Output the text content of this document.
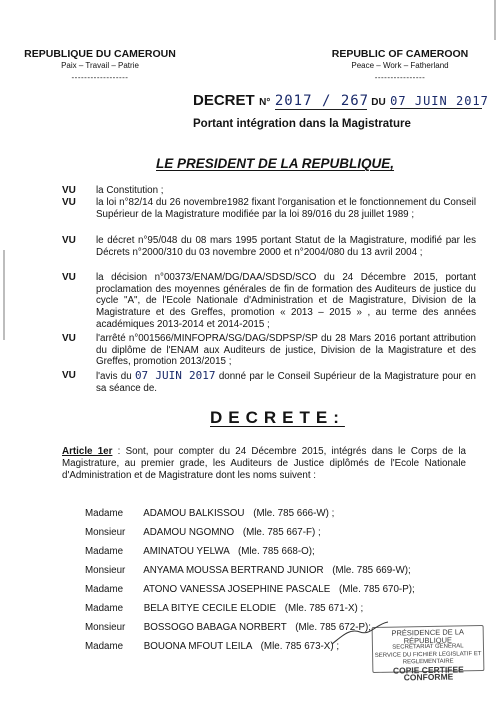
REPUBLIQUE DU CAMEROUN
Paix – Travail – Patrie
------------------
REPUBLIC OF CAMEROON
Peace – Work – Fatherland
----------------
DECRET N° 2017 / 267 DU 07 JUIN 2017
Portant intégration dans la Magistrature
LE PRESIDENT DE LA REPUBLIQUE,
VU	la Constitution ;
VU	la loi n°82/14 du 26 novembre1982 fixant l'organisation et le fonctionnement du Conseil Supérieur de la Magistrature modifiée par la loi 89/016 du 28 juillet 1989 ;
VU	le décret n°95/048 du 08 mars 1995 portant Statut de la Magistrature, modifié par les Décrets n°2000/310 du 03 novembre 2000 et n°2004/080 du 13 avril 2004 ;
VU	la décision n°00373/ENAM/DG/DAA/SDSD/SCO du 24 Décembre 2015, portant proclamation des moyennes générales de fin de formation des Auditeurs de justice du cycle "A", de l'Ecole Nationale d'Administration et de Magistrature, Division de la Magistrature et des Greffes, promotion « 2013 – 2015 » , au terme des années académiques 2013-2014 et 2014-2015 ;
VU	l'arrêté n°001566/MINFOPRA/SG/DAG/SDPSP/SP du 28 Mars 2016 portant attribution du diplôme de l'ENAM aux Auditeurs de justice, Division de la Magistrature et des Greffes, promotion 2013/2015 ;
VU	l'avis du 07 JUIN 2017 donné par le Conseil Supérieur de la Magistrature pour en sa séance de.
DECRETE:
Article 1er : Sont, pour compter du 24 Décembre 2015, intégrés dans le Corps de la Magistrature, au premier grade, les Auditeurs de Justice diplômés de l'Ecole Nationale d'Administration et de Magistrature dont les noms suivent :
Madame ADAMOU BALKISSOU (Mle. 785 666-W) ;
Monsieur ADAMOU NGOMNO (Mle. 785 667-F) ;
Madame AMINATOU YELWA (Mle. 785 668-O);
Monsieur ANYAMA MOUSSA BERTRAND JUNIOR (Mle. 785 669-W);
Madame ATONO VANESSA JOSEPHINE PASCALE (Mle. 785 670-P);
Madame BELA BITYE CECILE ELODIE (Mle. 785 671-X) ;
Monsieur BOSSOGO BABAGA NORBERT (Mle. 785 672-P);
Madame BOUONA MFOUT LEILA (Mle. 785 673-X) ;
PRÉSIDENCE DE LA RÉPUBLIQUE
SECRETARIAT GENERAL
SERVICE DU FICHIER LEGISLATIF ET REGLEMENTAIRE
COPIE CERTIFEE CONFORME
